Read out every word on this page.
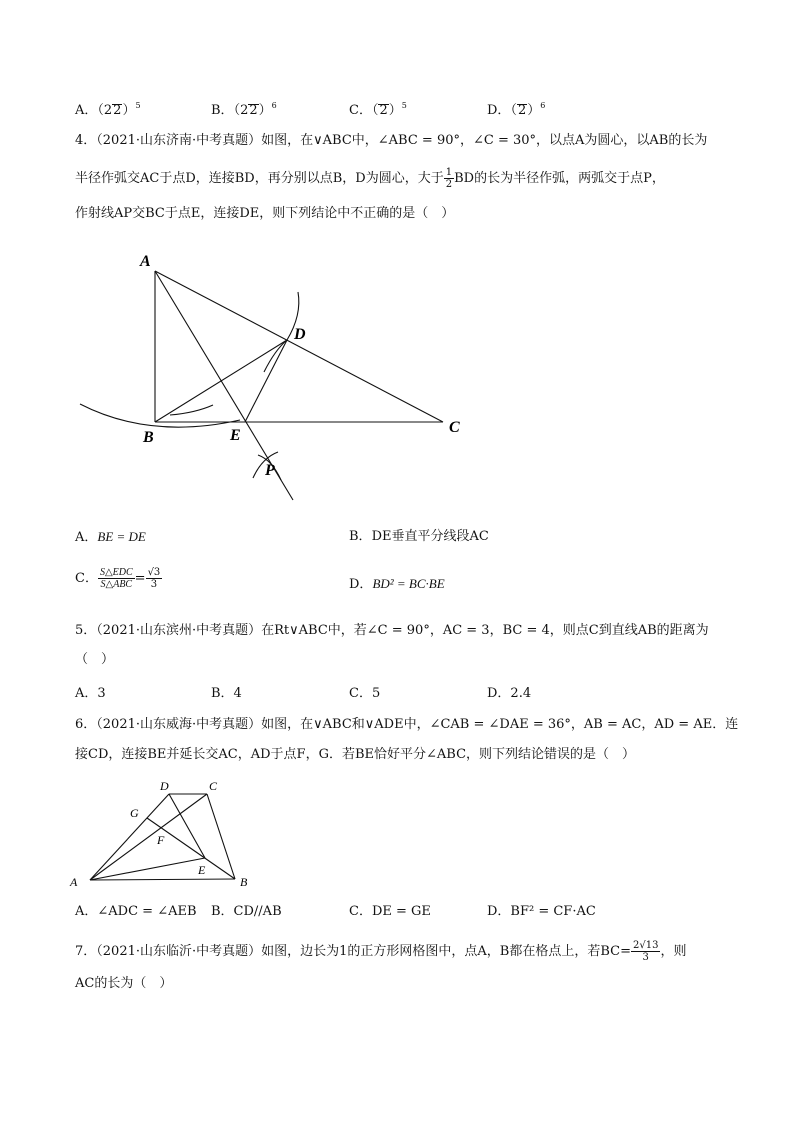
A．$(22)^5$	B．$(22)^6$	C．$(2)^5$	D．$(2)^6$
4．（2021·山东济南·中考真题）如图，在∨ABC中，∠ABC = 90°，∠C = 30°，以点A为圆心，以AB的长为
半径作弧交AC于点D，连接BD，再分别以点B，D为圆心，大于 $\frac{1}{2}$ BD的长为半径作弧，两弧交于点P，
作射线AP交BC于点E，连接DE，则下列结论中不正确的是（　）
A
B
C
D
E
P
A．BE = DE	B．DE垂直平分线段AC
C． $\frac{\text{S△EDC}}{\text{S△ABC}} = \frac{√3}{3}$	D．BD² = BC·BE
5．（2021·山东滨州·中考真题）在Rt∨ABC中，若∠C = 90°，AC = 3，BC = 4，则点C到直线AB的距离为
（　）
A．3	B．4	C．5	D．2.4
6．（2021·山东威海·中考真题）如图，在∨ABC和∨ADE中，∠CAB = ∠DAE = 36°，AB = AC，AD = AE．连
接CD，连接BE并延长交AC，AD于点F，G．若BE恰好平分∠ABC，则下列结论错误的是（　）
A	B
C
D
E
F
G
A．∠ADC = ∠AEB B．CD//AB	C．DE = GE	D．BF² = CF·AC
7．（2021·山东临沂·中考真题）如图，边长为1的正方形网格图中，点A，B都在格点上，若$BC= \frac{2√13}{3}$ ，则
AC的长为（　）
